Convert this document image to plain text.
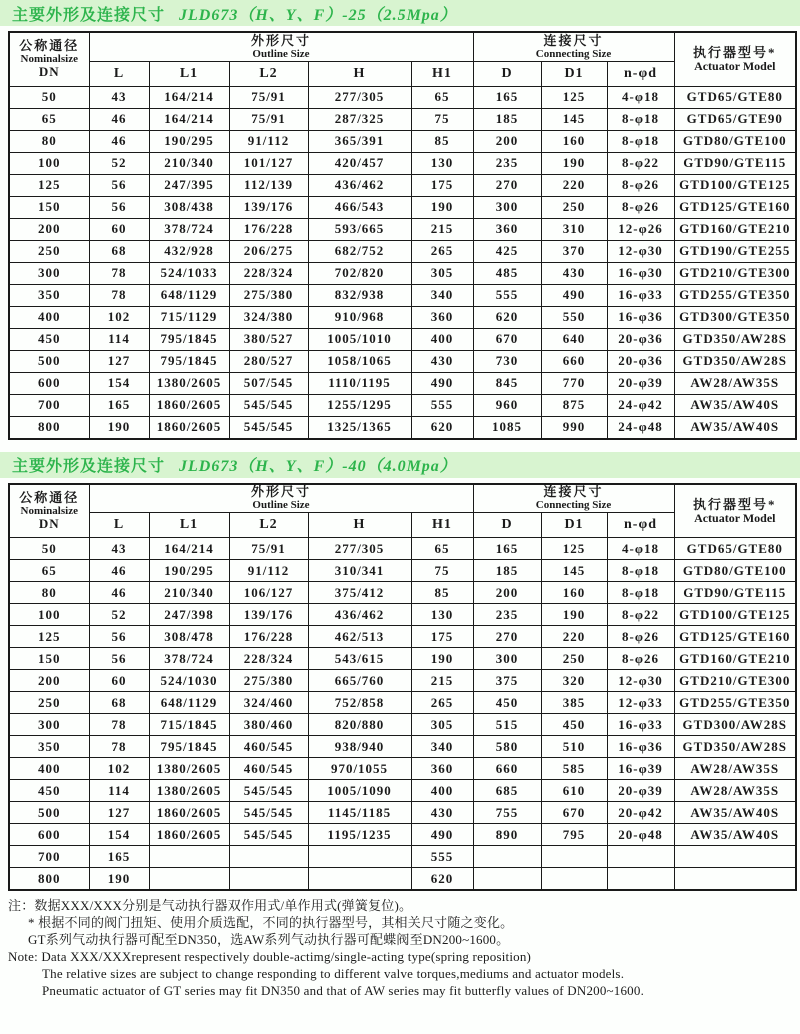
主要外形及连接尺寸 JLD673（H、Y、F）-25（2.5Mpa）
公称通径
Nominalsize
DN	外形尺寸
Outline Size					连接尺寸
Connecting Size			执行器型号*
Actuator Model

	L	L1	L2	H	H1	D	D1	n-φd	
50	43	164/214	75/91	277/305	65	165	125	4-φ18	GTD65/GTE80
65	46	164/214	75/91	287/325	75	185	145	8-φ18	GTD65/GTE90
80	46	190/295	91/112	365/391	85	200	160	8-φ18	GTD80/GTE100
100	52	210/340	101/127	420/457	130	235	190	8-φ22	GTD90/GTE115
125	56	247/395	112/139	436/462	175	270	220	8-φ26	GTD100/GTE125
150	56	308/438	139/176	466/543	190	300	250	8-φ26	GTD125/GTE160
200	60	378/724	176/228	593/665	215	360	310	12-φ26	GTD160/GTE210
250	68	432/928	206/275	682/752	265	425	370	12-φ30	GTD190/GTE255
300	78	524/1033	228/324	702/820	305	485	430	16-φ30	GTD210/GTE300
350	78	648/1129	275/380	832/938	340	555	490	16-φ33	GTD255/GTE350
400	102	715/1129	324/380	910/968	360	620	550	16-φ36	GTD300/GTE350
450	114	795/1845	380/527	1005/1010	400	670	640	20-φ36	GTD350/AW28S
500	127	795/1845	280/527	1058/1065	430	730	660	20-φ36	GTD350/AW28S
600	154	1380/2605	507/545	1110/1195	490	845	770	20-φ39	AW28/AW35S
700	165	1860/2605	545/545	1255/1295	555	960	875	24-φ42	AW35/AW40S
800	190	1860/2605	545/545	1325/1365	620	1085	990	24-φ48	AW35/AW40S
主要外形及连接尺寸 JLD673（H、Y、F）-40（4.0Mpa）
公称通径
Nominalsize
DN	外形尺寸
Outline Size					连接尺寸
Connecting Size			执行器型号*
Actuator Model

	L	L1	L2	H	H1	D	D1	n-φd	
50	43	164/214	75/91	277/305	65	165	125	4-φ18	GTD65/GTE80
65	46	190/295	91/112	310/341	75	185	145	8-φ18	GTD80/GTE100
80	46	210/340	106/127	375/412	85	200	160	8-φ18	GTD90/GTE115
100	52	247/398	139/176	436/462	130	235	190	8-φ22	GTD100/GTE125
125	56	308/478	176/228	462/513	175	270	220	8-φ26	GTD125/GTE160
150	56	378/724	228/324	543/615	190	300	250	8-φ26	GTD160/GTE210
200	60	524/1030	275/380	665/760	215	375	320	12-φ30	GTD210/GTE300
250	68	648/1129	324/460	752/858	265	450	385	12-φ33	GTD255/GTE350
300	78	715/1845	380/460	820/880	305	515	450	16-φ33	GTD300/AW28S
350	78	795/1845	460/545	938/940	340	580	510	16-φ36	GTD350/AW28S
400	102	1380/2605	460/545	970/1055	360	660	585	16-φ39	AW28/AW35S
450	114	1380/2605	545/545	1005/1090	400	685	610	20-φ39	AW28/AW35S
500	127	1860/2605	545/545	1145/1185	430	755	670	20-φ42	AW35/AW40S
600	154	1860/2605	545/545	1195/1235	490	890	795	20-φ48	AW35/AW40S
700	165				555				
800	190				620				
注：数据XXX/XXX分别是气动执行器双作用式/单作用式(弹簧复位)。
* 根据不同的阀门扭矩、使用介质选配，不同的执行器型号，其相关尺寸随之变化。
GT系列气动执行器可配至DN350，选AW系列气动执行器可配蝶阀至DN200~1600。
Note: Data XXX/XXXrepresent respectively double-actimg/single-acting type(spring reposition)
The relative sizes are subject to change responding to different valve torques,mediums and actuator models.
Pneumatic actuator of GT series may fit DN350 and that of AW series may fit butterfly values of DN200~1600.
